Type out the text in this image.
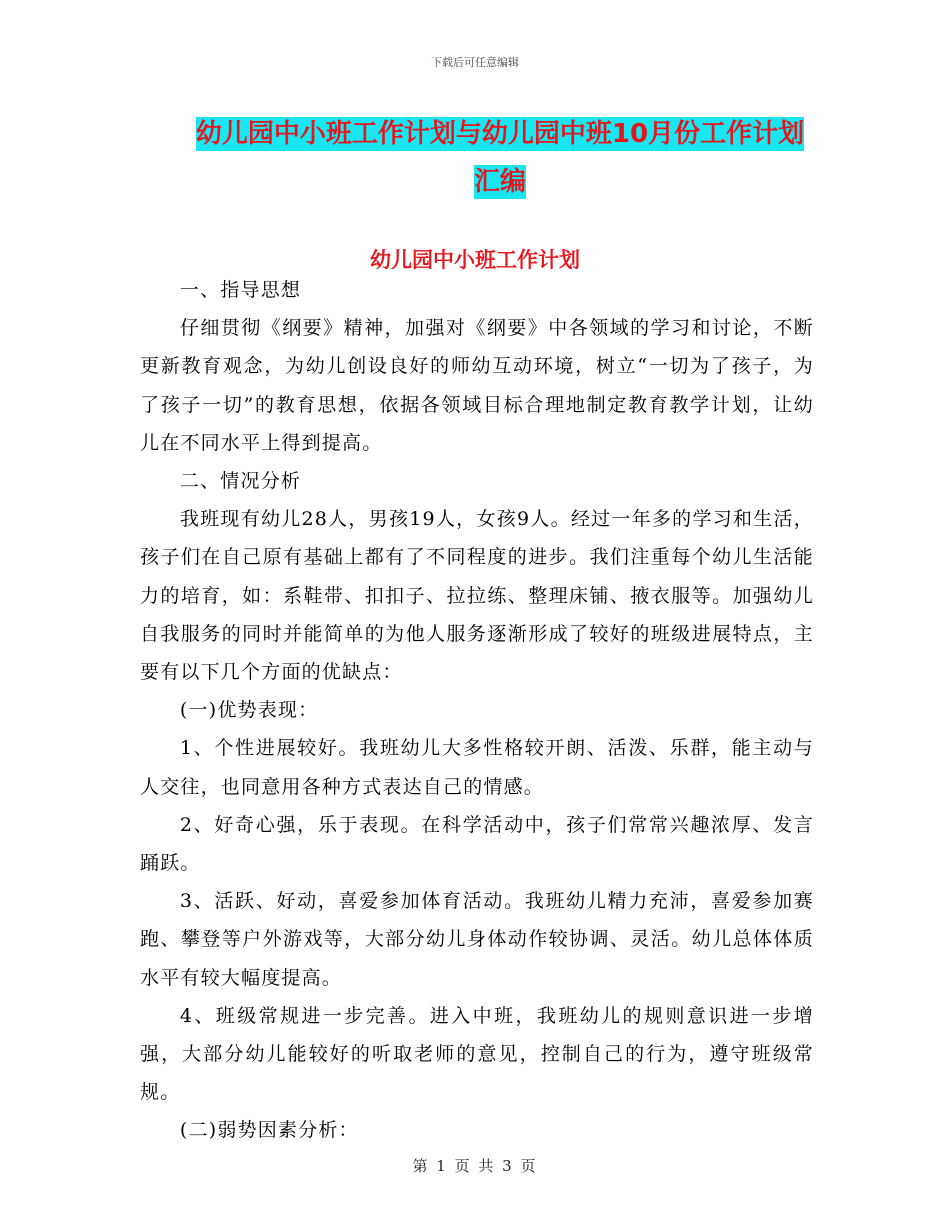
下载后可任意编辑
幼儿园中小班工作计划与幼儿园中班10月份工作计划汇编
幼儿园中小班工作计划

一、指导思想

仔细贯彻《纲要》精神，加强对《纲要》中各领域的学习和讨论，不断更新教育观念，为幼儿创设良好的师幼互动环境，树立“一切为了孩子，为了孩子一切”的教育思想，依据各领域目标合理地制定教育教学计划，让幼儿在不同水平上得到提高。

二、情况分析

我班现有幼儿28人，男孩19人，女孩9人。经过一年多的学习和生活，孩子们在自己原有基础上都有了不同程度的进步。我们注重每个幼儿生活能力的培育，如：系鞋带、扣扣子、拉拉练、整理床铺、掖衣服等。加强幼儿自我服务的同时并能简单的为他人服务逐渐形成了较好的班级进展特点，主要有以下几个方面的优缺点：

(一)优势表现：

1、个性进展较好。我班幼儿大多性格较开朗、活泼、乐群，能主动与人交往，也同意用各种方式表达自己的情感。

2、好奇心强，乐于表现。在科学活动中，孩子们常常兴趣浓厚、发言踊跃。

3、活跃、好动，喜爱参加体育活动。我班幼儿精力充沛，喜爱参加赛跑、攀登等户外游戏等，大部分幼儿身体动作较协调、灵活。幼儿总体体质水平有较大幅度提高。

4、班级常规进一步完善。进入中班，我班幼儿的规则意识进一步增强，大部分幼儿能较好的听取老师的意见，控制自己的行为，遵守班级常规。

(二)弱势因素分析：

第 1 页 共 3 页
